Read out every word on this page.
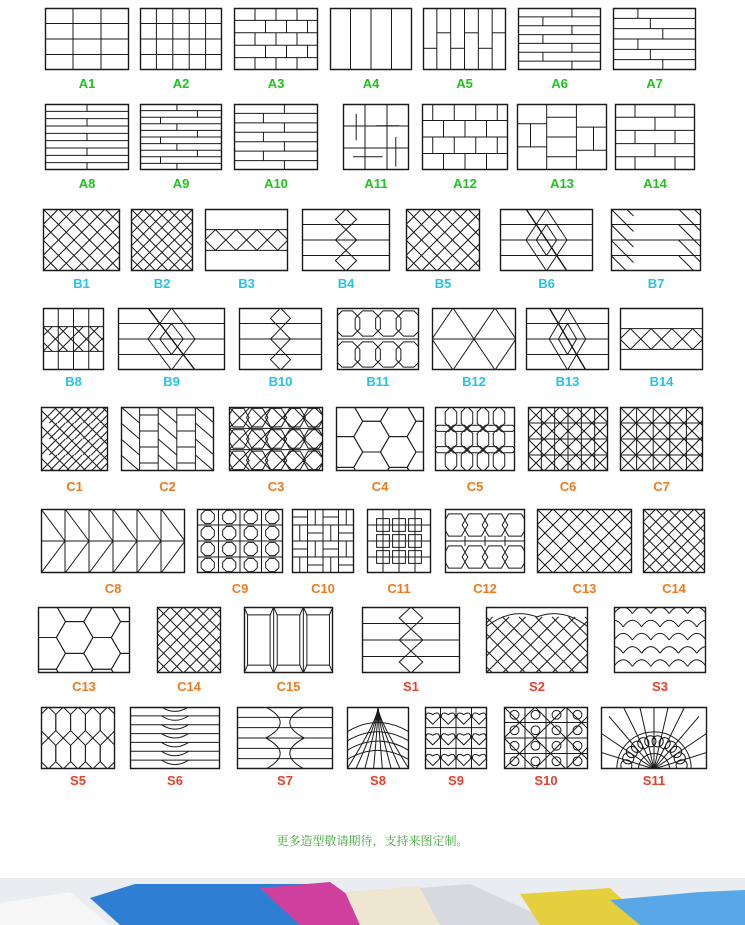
A1	A2	A3	A4	A5	A6	A7
A8	A9	A10	A11	A12	A13	A14
B1	B2	B3	B4	B5	B6	B7
B8	B9	B10	B11	B12	B13	B14
C1	C2	C3	C4	C5	C6	C7
C8	C9	C10	C11	C12	C13	C14
C13	C14	C15	S1	S2	S3
S5	S6	S7	S8	S9	S10	S11
更多造型敬请期待，支持来图定制。
